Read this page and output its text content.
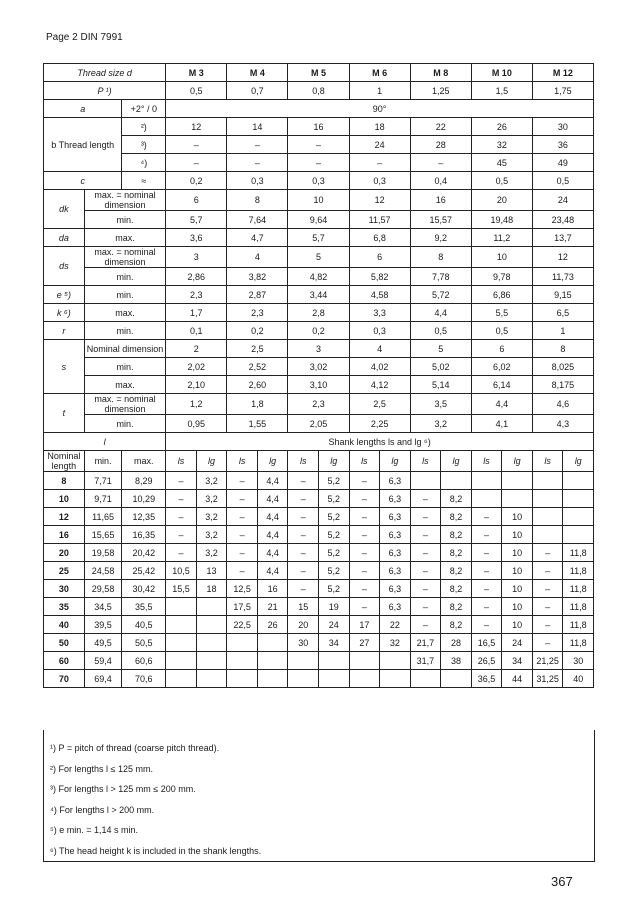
Page 2 DIN 7991
Thread size d			M 3		M 4		M 5		M 6		M 8		M 10		M 12	
P ¹)			0,5		0,7		0,8		1		1,25		1,5		1,75	
a		+2° / 0	90°													
b Thread length		²)	12		14		16		18		22		26		30	
		³)	–		–		–		24		28		32		36	
		⁴)	–		–		–		–		–		45		49	
c		≈	0,2		0,3		0,3		0,3		0,4		0,5		0,5	
dk	max. = nominal dimension		6		8		10		12		16		20		24	
	min.		5,7		7,64		9,64		11,57		15,57		19,48		23,48	
da	max.		3,6		4,7		5,7		6,8		9,2		11,2		13,7	
ds	max. = nominal dimension		3		4		5		6		8		10		12	
	min.		2,86		3,82		4,82		5,82		7,78		9,78		11,73	
e ⁵)	min.		2,3		2,87		3,44		4,58		5,72		6,86		9,15	
k ⁶)	max.		1,7		2,3		2,8		3,3		4,4		5,5		6,5	
r	min.		0,1		0,2		0,2		0,3		0,5		0,5		1	
s	Nominal dimension		2		2,5		3		4		5		6		8	
	min.		2,02		2,52		3,02		4,02		5,02		6,02		8,025	
	max.		2,10		2,60		3,10		4,12		5,14		6,14		8,175	
t	max. = nominal dimension		1,2		1,8		2,3		2,5		3,5		4,4		4,6	
	min.		0,95		1,55		2,05		2,25		3,2		4,1		4,3	
l			Shank lengths ls and lg ⁶)													
Nominal length	min.	max.	ls	lg	ls	lg	ls	lg	ls	lg	ls	lg	ls	lg	ls	lg
8	7,71	8,29	–	3,2	–	4,4	–	5,2	–	6,3						
10	9,71	10,29	–	3,2	–	4,4	–	5,2	–	6,3	–	8,2				
12	11,65	12,35	–	3,2	–	4,4	–	5,2	–	6,3	–	8,2	–	10		
16	15,65	16,35	–	3,2	–	4,4	–	5,2	–	6,3	–	8,2	–	10		
20	19,58	20,42	–	3,2	–	4,4	–	5,2	–	6,3	–	8,2	–	10	–	11,8
25	24,58	25,42	10,5	13	–	4,4	–	5,2	–	6,3	–	8,2	–	10	–	11,8
30	29,58	30,42	15,5	18	12,5	16	–	5,2	–	6,3	–	8,2	–	10	–	11,8
35	34,5	35,5			17,5	21	15	19	–	6,3	–	8,2	–	10	–	11,8
40	39,5	40,5			22,5	26	20	24	17	22	–	8,2	–	10	–	11,8
50	49,5	50,5					30	34	27	32	21,7	28	16,5	24	–	11,8
60	59,4	60,6									31,7	38	26,5	34	21,25	30
70	69,4	70,6											36,5	44	31,25	40
¹) P = pitch of thread (coarse pitch thread).
²) For lengths l ≤ 125 mm.
³) For lengths l > 125 mm ≤ 200 mm.
⁴) For lengths l > 200 mm.
⁵) e min. = 1,14 s min.
⁶) The head height k is included in the shank lengths.
367
